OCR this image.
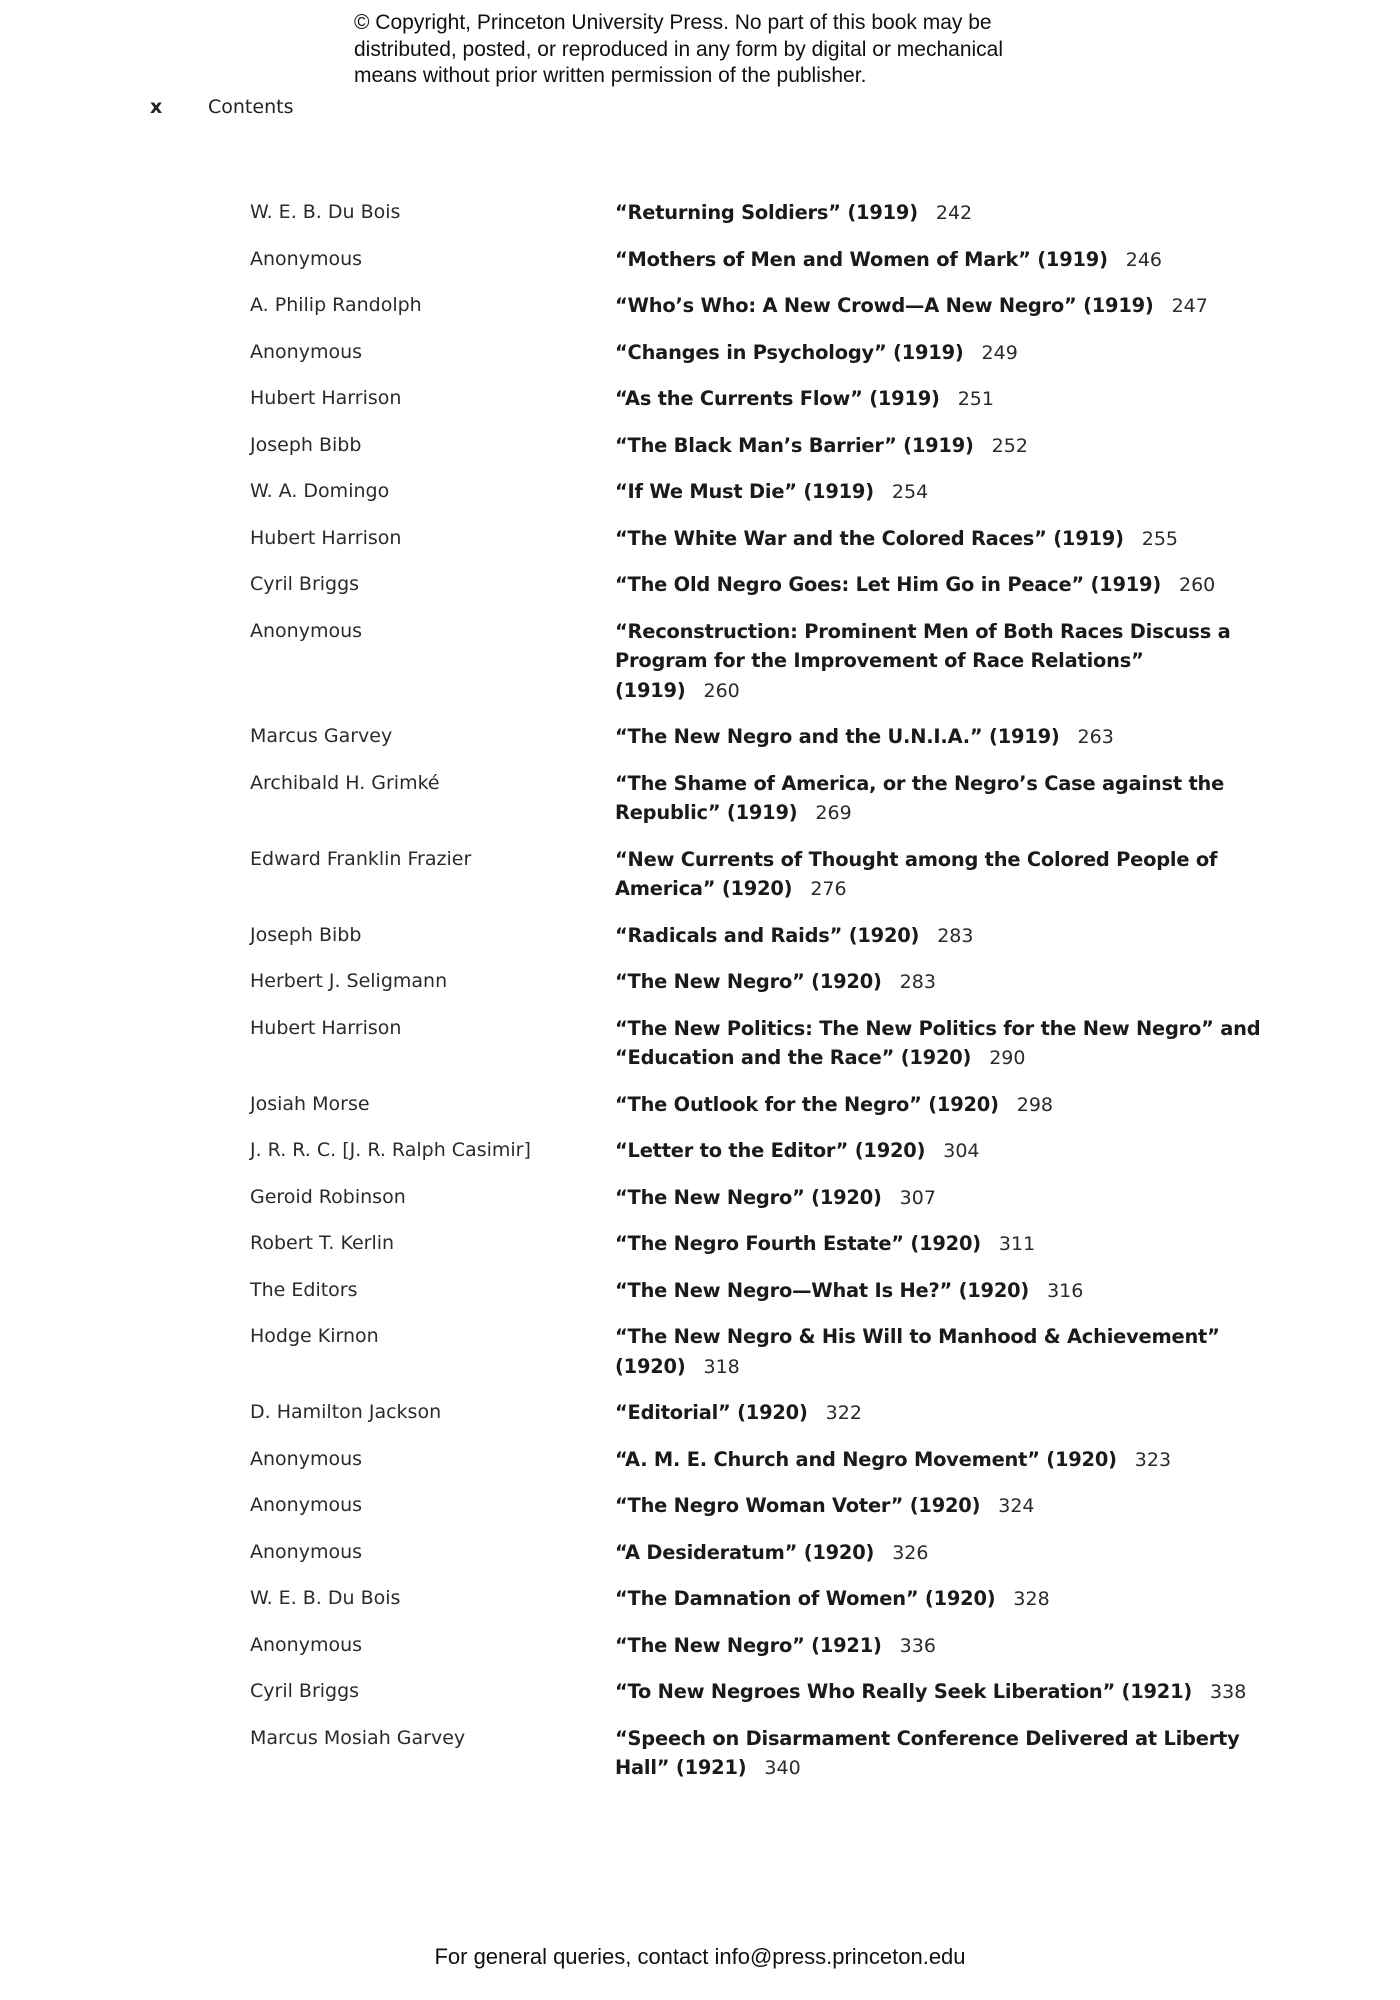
© Copyright, Princeton University Press. No part of this book may be
distributed, posted, or reproduced in any form by digital or mechanical
means without prior written permission of the publisher.
x Contents
W. E. B. Du Bois	“Returning Soldiers” (1919) 242
Anonymous	“Mothers of Men and Women of Mark” (1919) 246
A. Philip Randolph	“Who’s Who: A New Crowd—A New Negro” (1919) 247
Anonymous	“Changes in Psychology” (1919) 249
Hubert Harrison	“As the Currents Flow” (1919) 251
Joseph Bibb	“The Black Man’s Barrier” (1919) 252
W. A. Domingo	“If We Must Die” (1919) 254
Hubert Harrison	“The White War and the Colored Races” (1919) 255
Cyril Briggs	“The Old Negro Goes: Let Him Go in Peace” (1919) 260
Anonymous	“Reconstruction: Prominent Men of Both Races Discuss a Program for the Improvement of Race Relations” (1919) 260
Marcus Garvey	“The New Negro and the U.N.I.A.” (1919) 263
Archibald H. Grimké	“The Shame of America, or the Negro’s Case against the Republic” (1919) 269
Edward Franklin Frazier	“New Currents of Thought among the Colored People of America” (1920) 276
Joseph Bibb	“Radicals and Raids” (1920) 283
Herbert J. Seligmann	“The New Negro” (1920) 283
Hubert Harrison	“The New Politics: The New Politics for the New Negro” and “Education and the Race” (1920) 290
Josiah Morse	“The Outlook for the Negro” (1920) 298
J. R. R. C. [J. R. Ralph Casimir]	“Letter to the Editor” (1920) 304
Geroid Robinson	“The New Negro” (1920) 307
Robert T. Kerlin	“The Negro Fourth Estate” (1920) 311
The Editors	“The New Negro—What Is He?” (1920) 316
Hodge Kirnon	“The New Negro & His Will to Manhood & Achievement” (1920) 318
D. Hamilton Jackson	“Editorial” (1920) 322
Anonymous	“A. M. E. Church and Negro Movement” (1920) 323
Anonymous	“The Negro Woman Voter” (1920) 324
Anonymous	“A Desideratum” (1920) 326
W. E. B. Du Bois	“The Damnation of Women” (1920) 328
Anonymous	“The New Negro” (1921) 336
Cyril Briggs	“To New Negroes Who Really Seek Liberation” (1921) 338
Marcus Mosiah Garvey	“Speech on Disarmament Conference Delivered at Liberty Hall” (1921) 340
For general queries, contact info@press.princeton.edu
